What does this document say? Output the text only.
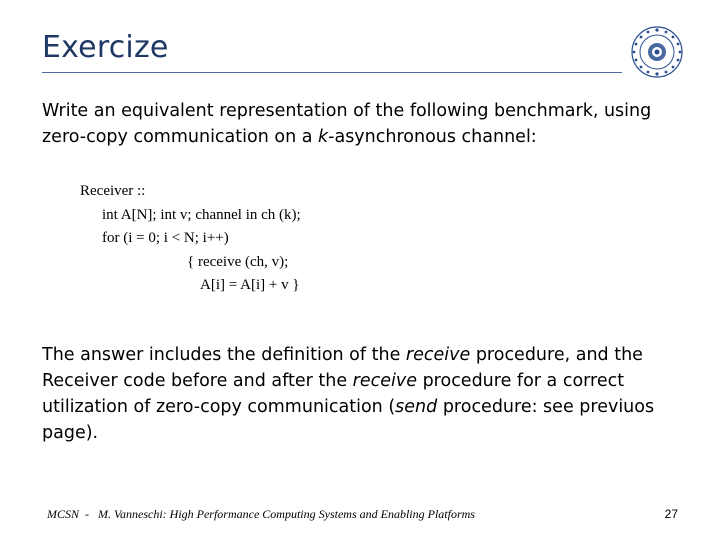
Exercize
Write an equivalent representation of the following benchmark, using zero-copy communication on a k-asynchronous channel:
Receiver ::
int A[N]; int v; channel in ch (k);
for (i = 0; i < N; i++)
{ receive (ch, v);
A[i] = A[i] + v }
The answer includes the definition of the receive procedure, and the Receiver code before and after the receive procedure for a correct utilization of zero-copy communication (send procedure: see previuos page).
MCSN  -   M. Vanneschi: High Performance Computing Systems and Enabling Platforms	27
